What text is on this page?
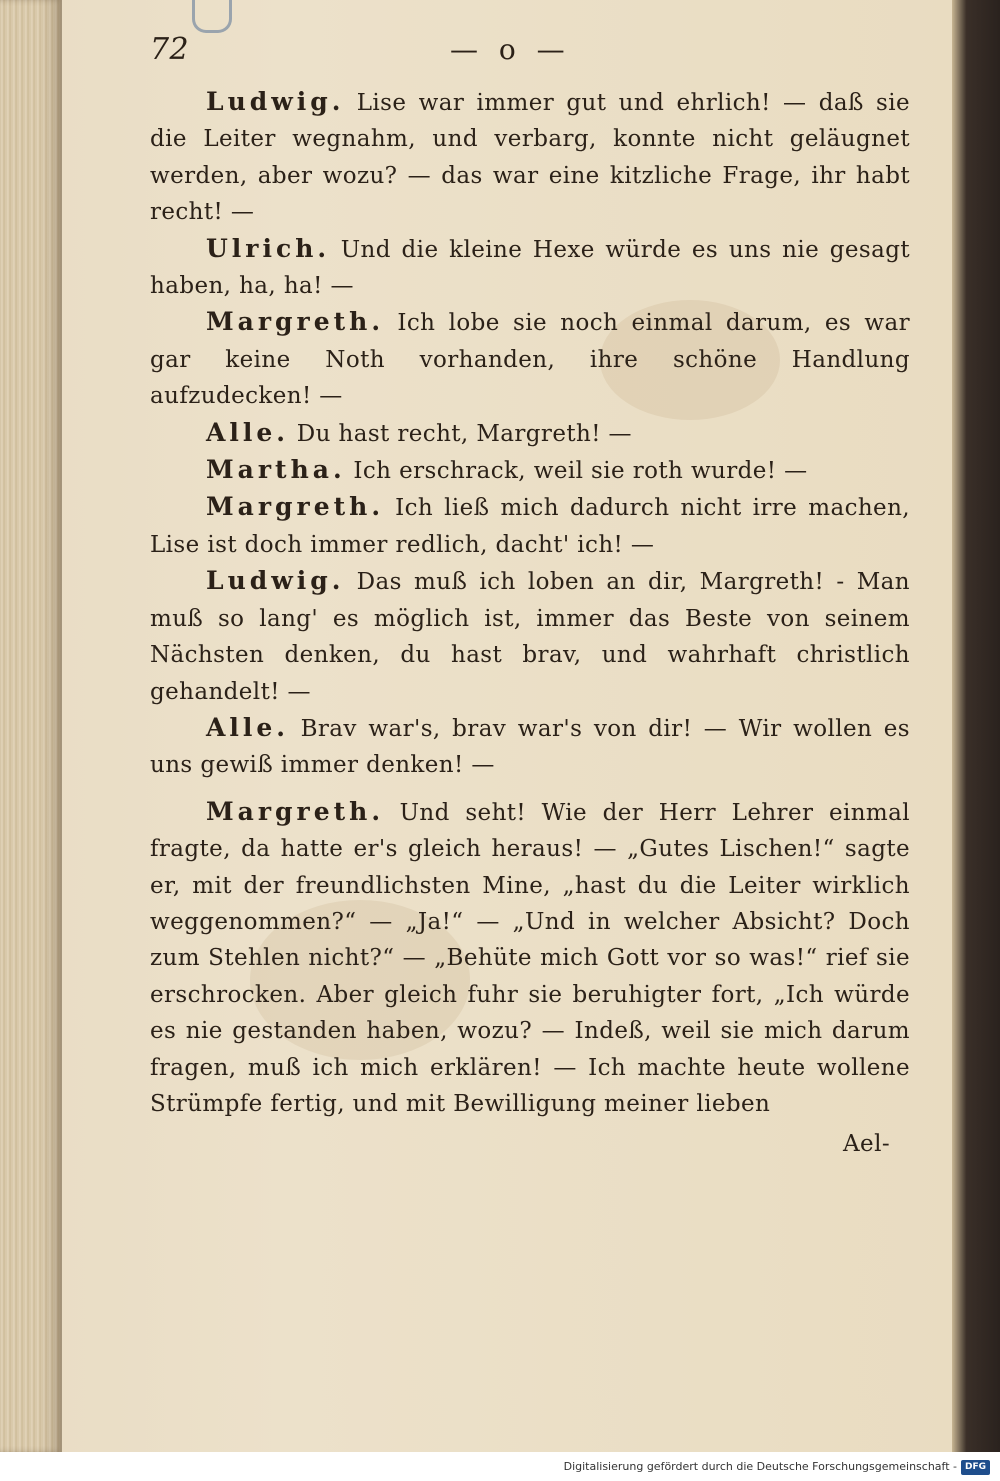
72	— o —

Ludwig. Lise war immer gut und ehrlich! — daß sie die Leiter wegnahm, und verbarg, konnte nicht geläugnet werden, aber wozu? — das war eine kitzliche Frage, ihr habt recht! —

Ulrich. Und die kleine Hexe würde es uns nie gesagt haben, ha, ha! —

Margreth. Ich lobe sie noch einmal darum, es war gar keine Noth vorhanden, ihre schöne Handlung aufzudecken! —

Alle. Du hast recht, Margreth! —

Martha. Ich erschrack, weil sie roth wurde! —

Margreth. Ich ließ mich dadurch nicht irre machen, Lise ist doch immer redlich, dacht' ich! —

Ludwig. Das muß ich loben an dir, Margreth! - Man muß so lang' es möglich ist, immer das Beste von seinem Nächsten denken, du hast brav, und wahrhaft christlich gehandelt! —

Alle. Brav war's, brav war's von dir! — Wir wollen es uns gewiß immer denken! —

Margreth. Und seht! Wie der Herr Lehrer einmal fragte, da hatte er's gleich heraus! — „Gutes Lischen!“ sagte er, mit der freundlichsten Mine, „hast du die Leiter wirklich weggenommen?“ — „Ja!“ — „Und in welcher Absicht? Doch zum Stehlen nicht?“ — „Behüte mich Gott vor so was!“ rief sie erschrocken. Aber gleich fuhr sie beruhigter fort, „Ich würde es nie gestanden haben, wozu? — Indeß, weil sie mich darum fragen, muß ich mich erklären! — Ich machte heute wollene Strümpfe fertig, und mit Bewilligung meiner lieben

Ael-
Digitalisierung gefördert durch die Deutsche Forschungsgemeinschaft - DFG
